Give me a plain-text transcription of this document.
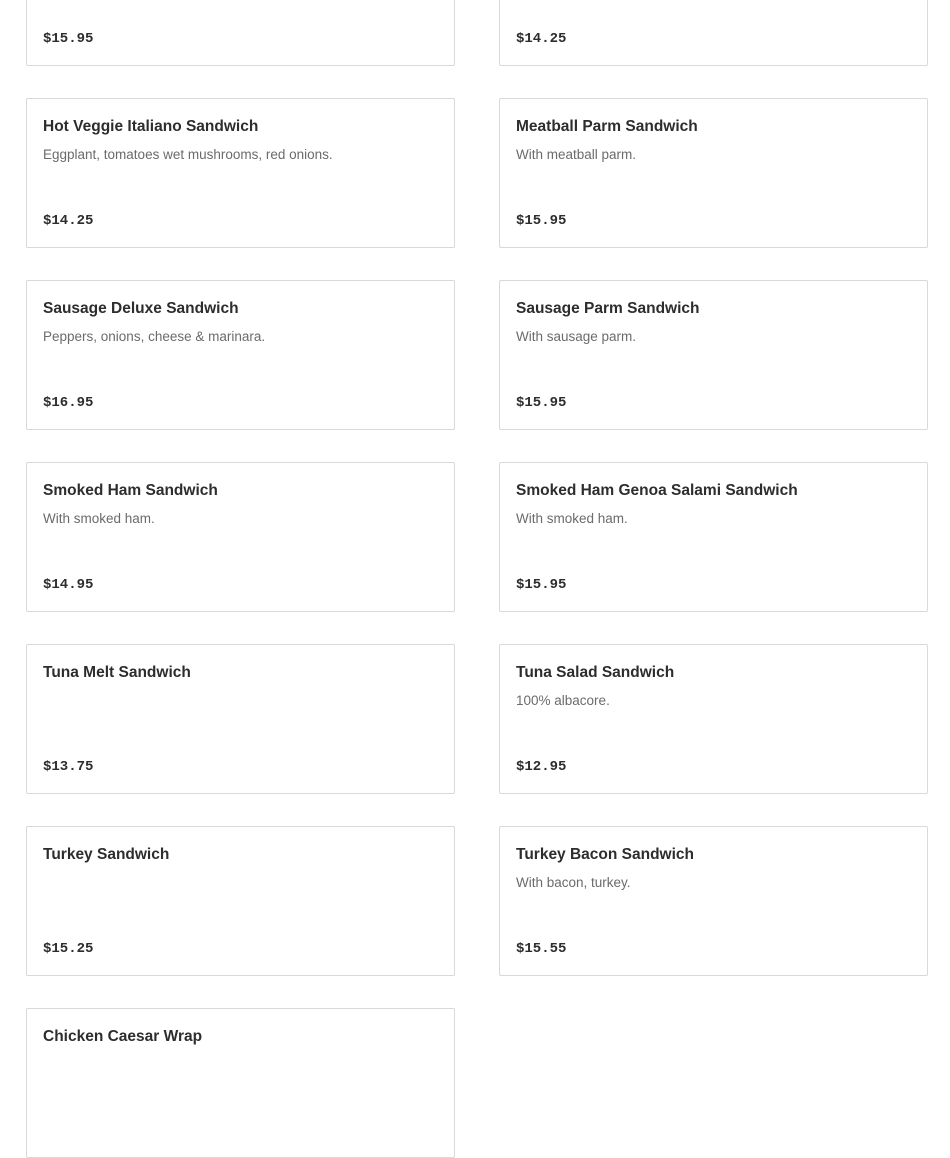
$15.95	$14.25
Hot Veggie Italiano Sandwich
Eggplant, tomatoes wet mushrooms, red onions.
$14.25
Meatball Parm Sandwich
With meatball parm.
$15.95
Sausage Deluxe Sandwich
Peppers, onions, cheese & marinara.
$16.95
Sausage Parm Sandwich
With sausage parm.
$15.95
Smoked Ham Sandwich
With smoked ham.
$14.95
Smoked Ham Genoa Salami Sandwich
With smoked ham.
$15.95
Tuna Melt Sandwich
$13.75
Tuna Salad Sandwich
100% albacore.
$12.95
Turkey Sandwich
$15.25
Turkey Bacon Sandwich
With bacon, turkey.
$15.55
Chicken Caesar Wrap
